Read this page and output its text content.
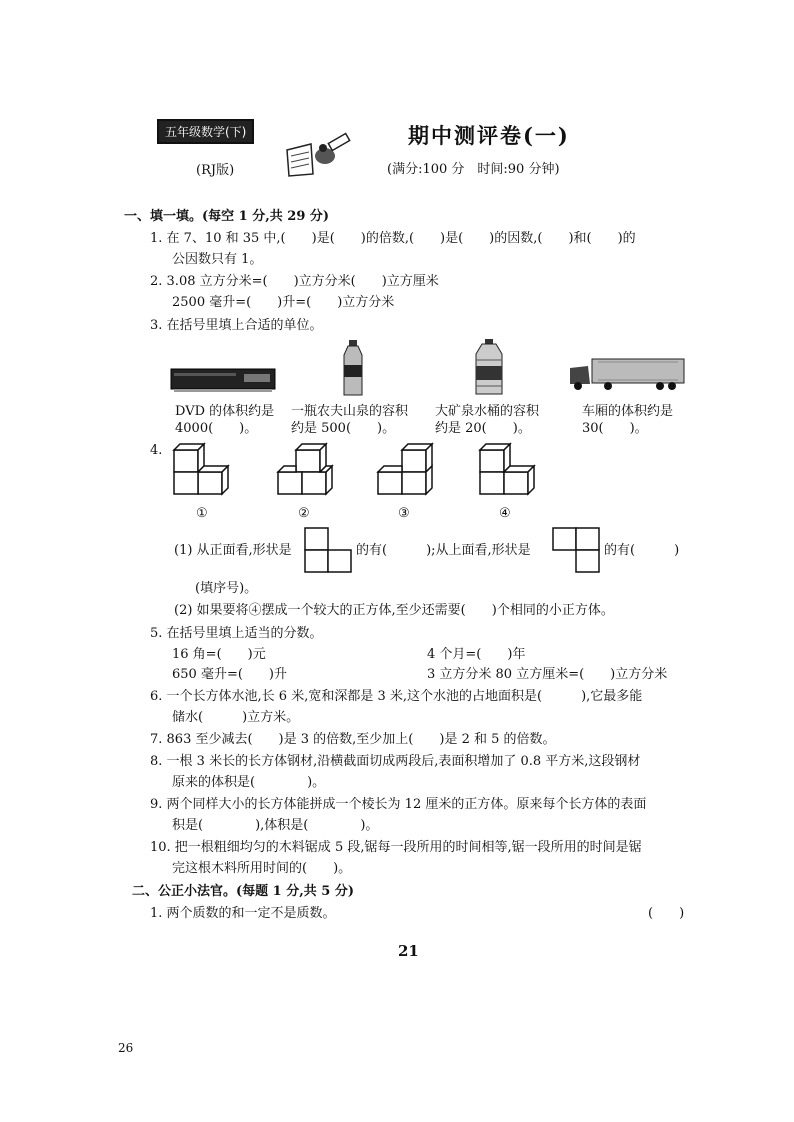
五年级数学(下)
(RJ版)
期中测评卷(一)
(满分:100 分　时间:90 分钟)
一、填一填。(每空 1 分,共 29 分)
1. 在 7、10 和 35 中,(　　)是(　　)的倍数,(　　)是(　　)的因数,(　　)和(　　)的
公因数只有 1。
2. 3.08 立方分米=(　　)立方分米(　　)立方厘米
2500 毫升=(　　)升=(　　)立方分米
3. 在括号里填上合适的单位。
DVD 的体积约是
4000(　　)。
一瓶农夫山泉的容积
约是 500(　　)。
大矿泉水桶的容积
约是 20(　　)。
车厢的体积约是
30(　　)。
4.
①	②	③	④
(1) 从正面看,形状是	的有(　　　);从上面看,形状是	的有(　　　)
(填序号)。
(2) 如果要将④摆成一个较大的正方体,至少还需要(　　)个相同的小正方体。
5. 在括号里填上适当的分数。
16 角=(　　)元	4 个月=(　　)年
650 毫升=(　　)升	3 立方分米 80 立方厘米=(　　)立方分米
6. 一个长方体水池,长 6 米,宽和深都是 3 米,这个水池的占地面积是(　　　),它最多能
储水(　　　)立方米。
7. 863 至少减去(　　)是 3 的倍数,至少加上(　　)是 2 和 5 的倍数。
8. 一根 3 米长的长方体钢材,沿横截面切成两段后,表面积增加了 0.8 平方米,这段钢材
原来的体积是(　　　　)。
9. 两个同样大小的长方体能拼成一个棱长为 12 厘米的正方体。原来每个长方体的表面
积是(　　　　),体积是(　　　　)。
10. 把一根粗细均匀的木料锯成 5 段,锯每一段所用的时间相等,锯一段所用的时间是锯
完这根木料所用时间的(　　)。
二、公正小法官。(每题 1 分,共 5 分)
1. 两个质数的和一定不是质数。	(　　)
21
26
